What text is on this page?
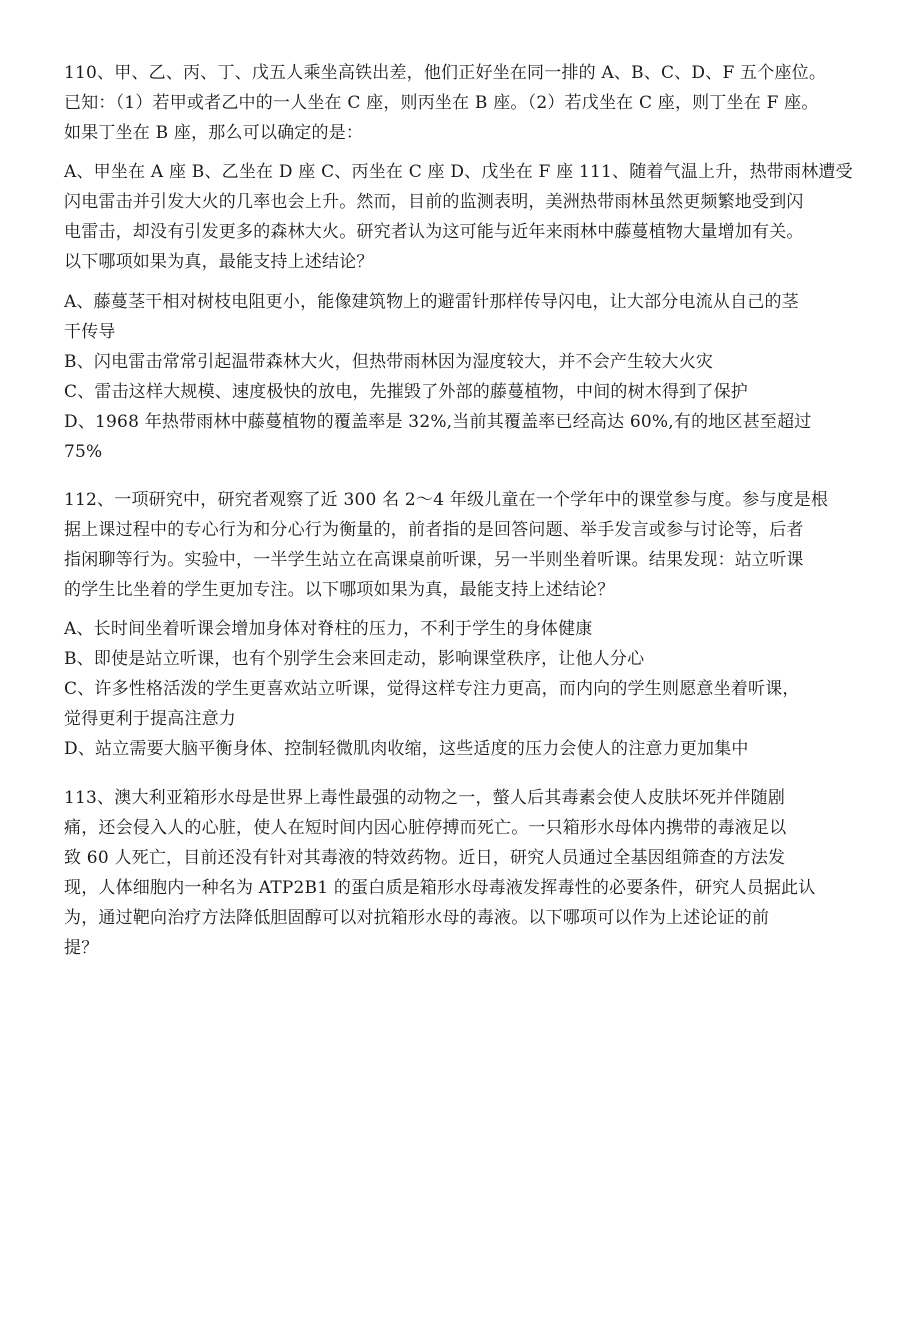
110、甲、乙、丙、丁、戊五人乘坐高铁出差，他们正好坐在同一排的 A、B、C、D、F 五个座位。
已知：（1）若甲或者乙中的一人坐在 C 座，则丙坐在 B 座。（2）若戊坐在 C 座，则丁坐在 F 座。
如果丁坐在 B 座，那么可以确定的是：
A、甲坐在 A 座 B、乙坐在 D 座 C、丙坐在 C 座 D、戊坐在 F 座 111、随着气温上升，热带雨林遭受
闪电雷击并引发大火的几率也会上升。然而，目前的监测表明，美洲热带雨林虽然更频繁地受到闪
电雷击，却没有引发更多的森林大火。研究者认为这可能与近年来雨林中藤蔓植物大量增加有关。
以下哪项如果为真，最能支持上述结论？
A、藤蔓茎干相对树枝电阻更小，能像建筑物上的避雷针那样传导闪电，让大部分电流从自己的茎
干传导
B、闪电雷击常常引起温带森林大火，但热带雨林因为湿度较大，并不会产生较大火灾
C、雷击这样大规模、速度极快的放电，先摧毁了外部的藤蔓植物，中间的树木得到了保护
D、1968 年热带雨林中藤蔓植物的覆盖率是 32%,当前其覆盖率已经高达 60%,有的地区甚至超过
75%
112、一项研究中，研究者观察了近 300 名 2～4 年级儿童在一个学年中的课堂参与度。参与度是根
据上课过程中的专心行为和分心行为衡量的，前者指的是回答问题、举手发言或参与讨论等，后者
指闲聊等行为。实验中，一半学生站立在高课桌前听课，另一半则坐着听课。结果发现：站立听课
的学生比坐着的学生更加专注。以下哪项如果为真，最能支持上述结论？
A、长时间坐着听课会增加身体对脊柱的压力，不利于学生的身体健康
B、即使是站立听课，也有个别学生会来回走动，影响课堂秩序，让他人分心
C、许多性格活泼的学生更喜欢站立听课，觉得这样专注力更高，而内向的学生则愿意坐着听课，
觉得更利于提高注意力
D、站立需要大脑平衡身体、控制轻微肌肉收缩，这些适度的压力会使人的注意力更加集中
113、澳大利亚箱形水母是世界上毒性最强的动物之一，螫人后其毒素会使人皮肤坏死并伴随剧
痛，还会侵入人的心脏，使人在短时间内因心脏停搏而死亡。一只箱形水母体内携带的毒液足以
致 60 人死亡，目前还没有针对其毒液的特效药物。近日，研究人员通过全基因组筛查的方法发
现，人体细胞内一种名为 ATP2B1 的蛋白质是箱形水母毒液发挥毒性的必要条件，研究人员据此认
为，通过靶向治疗方法降低胆固醇可以对抗箱形水母的毒液。以下哪项可以作为上述论证的前
提？
